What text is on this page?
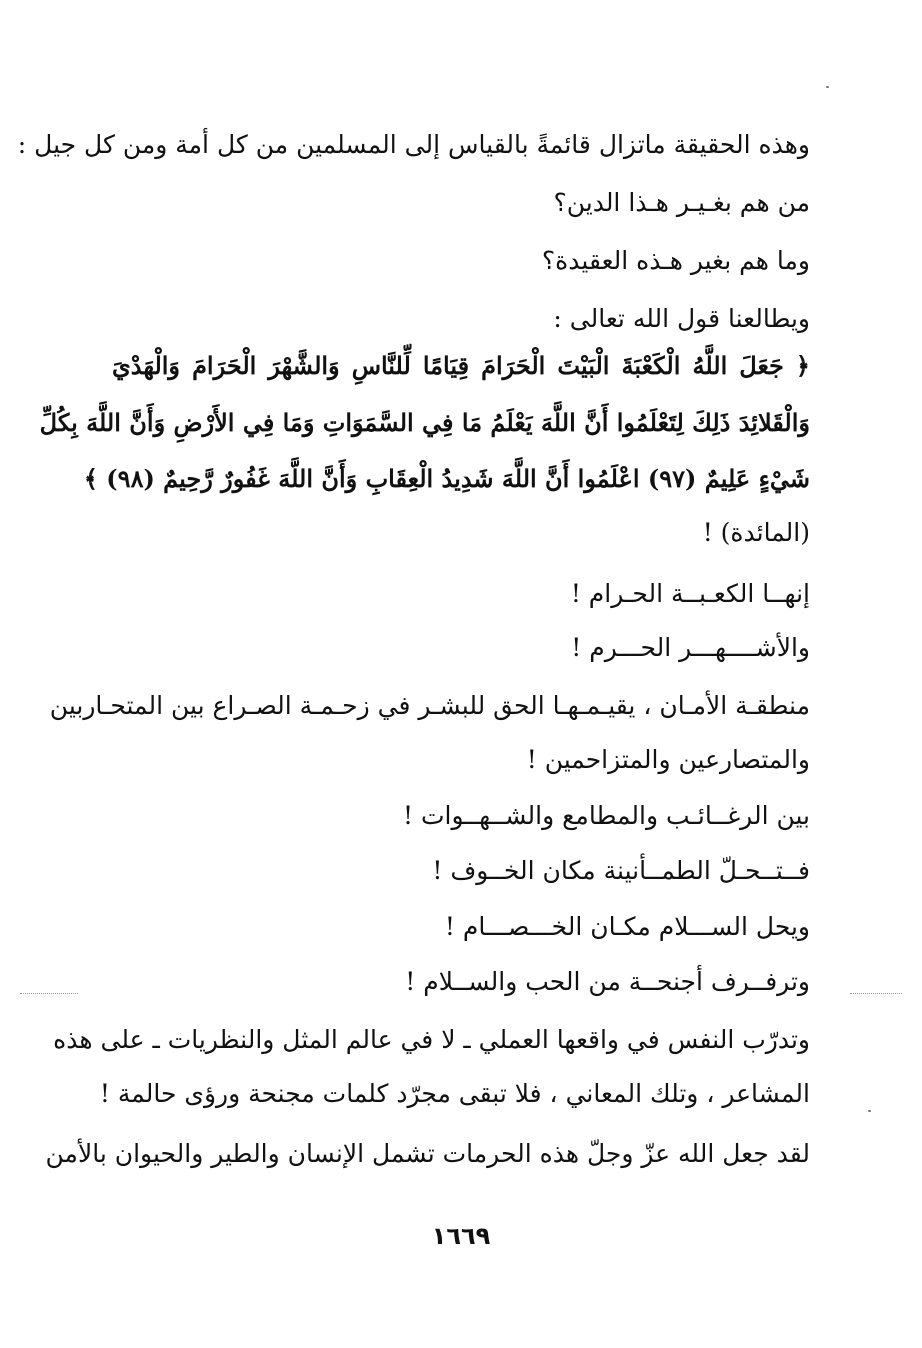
وهذه الحقيقة ماتزال قائمةً بالقياس إلى المسلمين من كل أمة ومن كل جيل :
من هم بغـيـر هـذا الدين؟
وما هم بغير هـذه العقيدة؟
ويطالعنا قول الله تعالى :
﴿ جَعَلَ اللَّهُ الْكَعْبَةَ الْبَيْتَ الْحَرَامَ قِيَامًا لِّلنَّاسِ وَالشَّهْرَ الْحَرَامَ وَالْهَدْيَ
وَالْقَلائِدَ ذَلِكَ لِتَعْلَمُوا أَنَّ اللَّهَ يَعْلَمُ مَا فِي السَّمَوَاتِ وَمَا فِي الأَرْضِ وَأَنَّ اللَّهَ بِكُلِّ
شَيْءٍ عَلِيمٌ (٩٧) اعْلَمُوا أَنَّ اللَّهَ شَدِيدُ الْعِقَابِ وَأَنَّ اللَّهَ غَفُورٌ رَّحِيمٌ (٩٨) ﴾
(المائدة) !
إنهــا الكعـبــة الحـرام !
والأشــــهـــر الحـــرم !
منطقـة الأمـان ، يقيـمـهـا الحق للبشـر في زحـمـة الصـراع بين المتحـاربين
والمتصارعين والمتزاحمين !
بين الرغــائـب والمطامع والشــهــوات !
فــتــحـلّ الطمــأنينة مكان الخــوف !
ويحل الســـلام مكـان الخـــصـــام !
وترفــرف أجنحــة من الحب والســلام !
وتدرّب النفس في واقعها العملي ـ لا في عالم المثل والنظريات ـ على هذه
المشاعر ، وتلك المعاني ، فلا تبقى مجرّد كلمات مجنحة ورؤى حالمة !
لقد جعل الله عزّ وجلّ هذه الحرمات تشمل الإنسان والطير والحيوان بالأمن
١٦٦٩
